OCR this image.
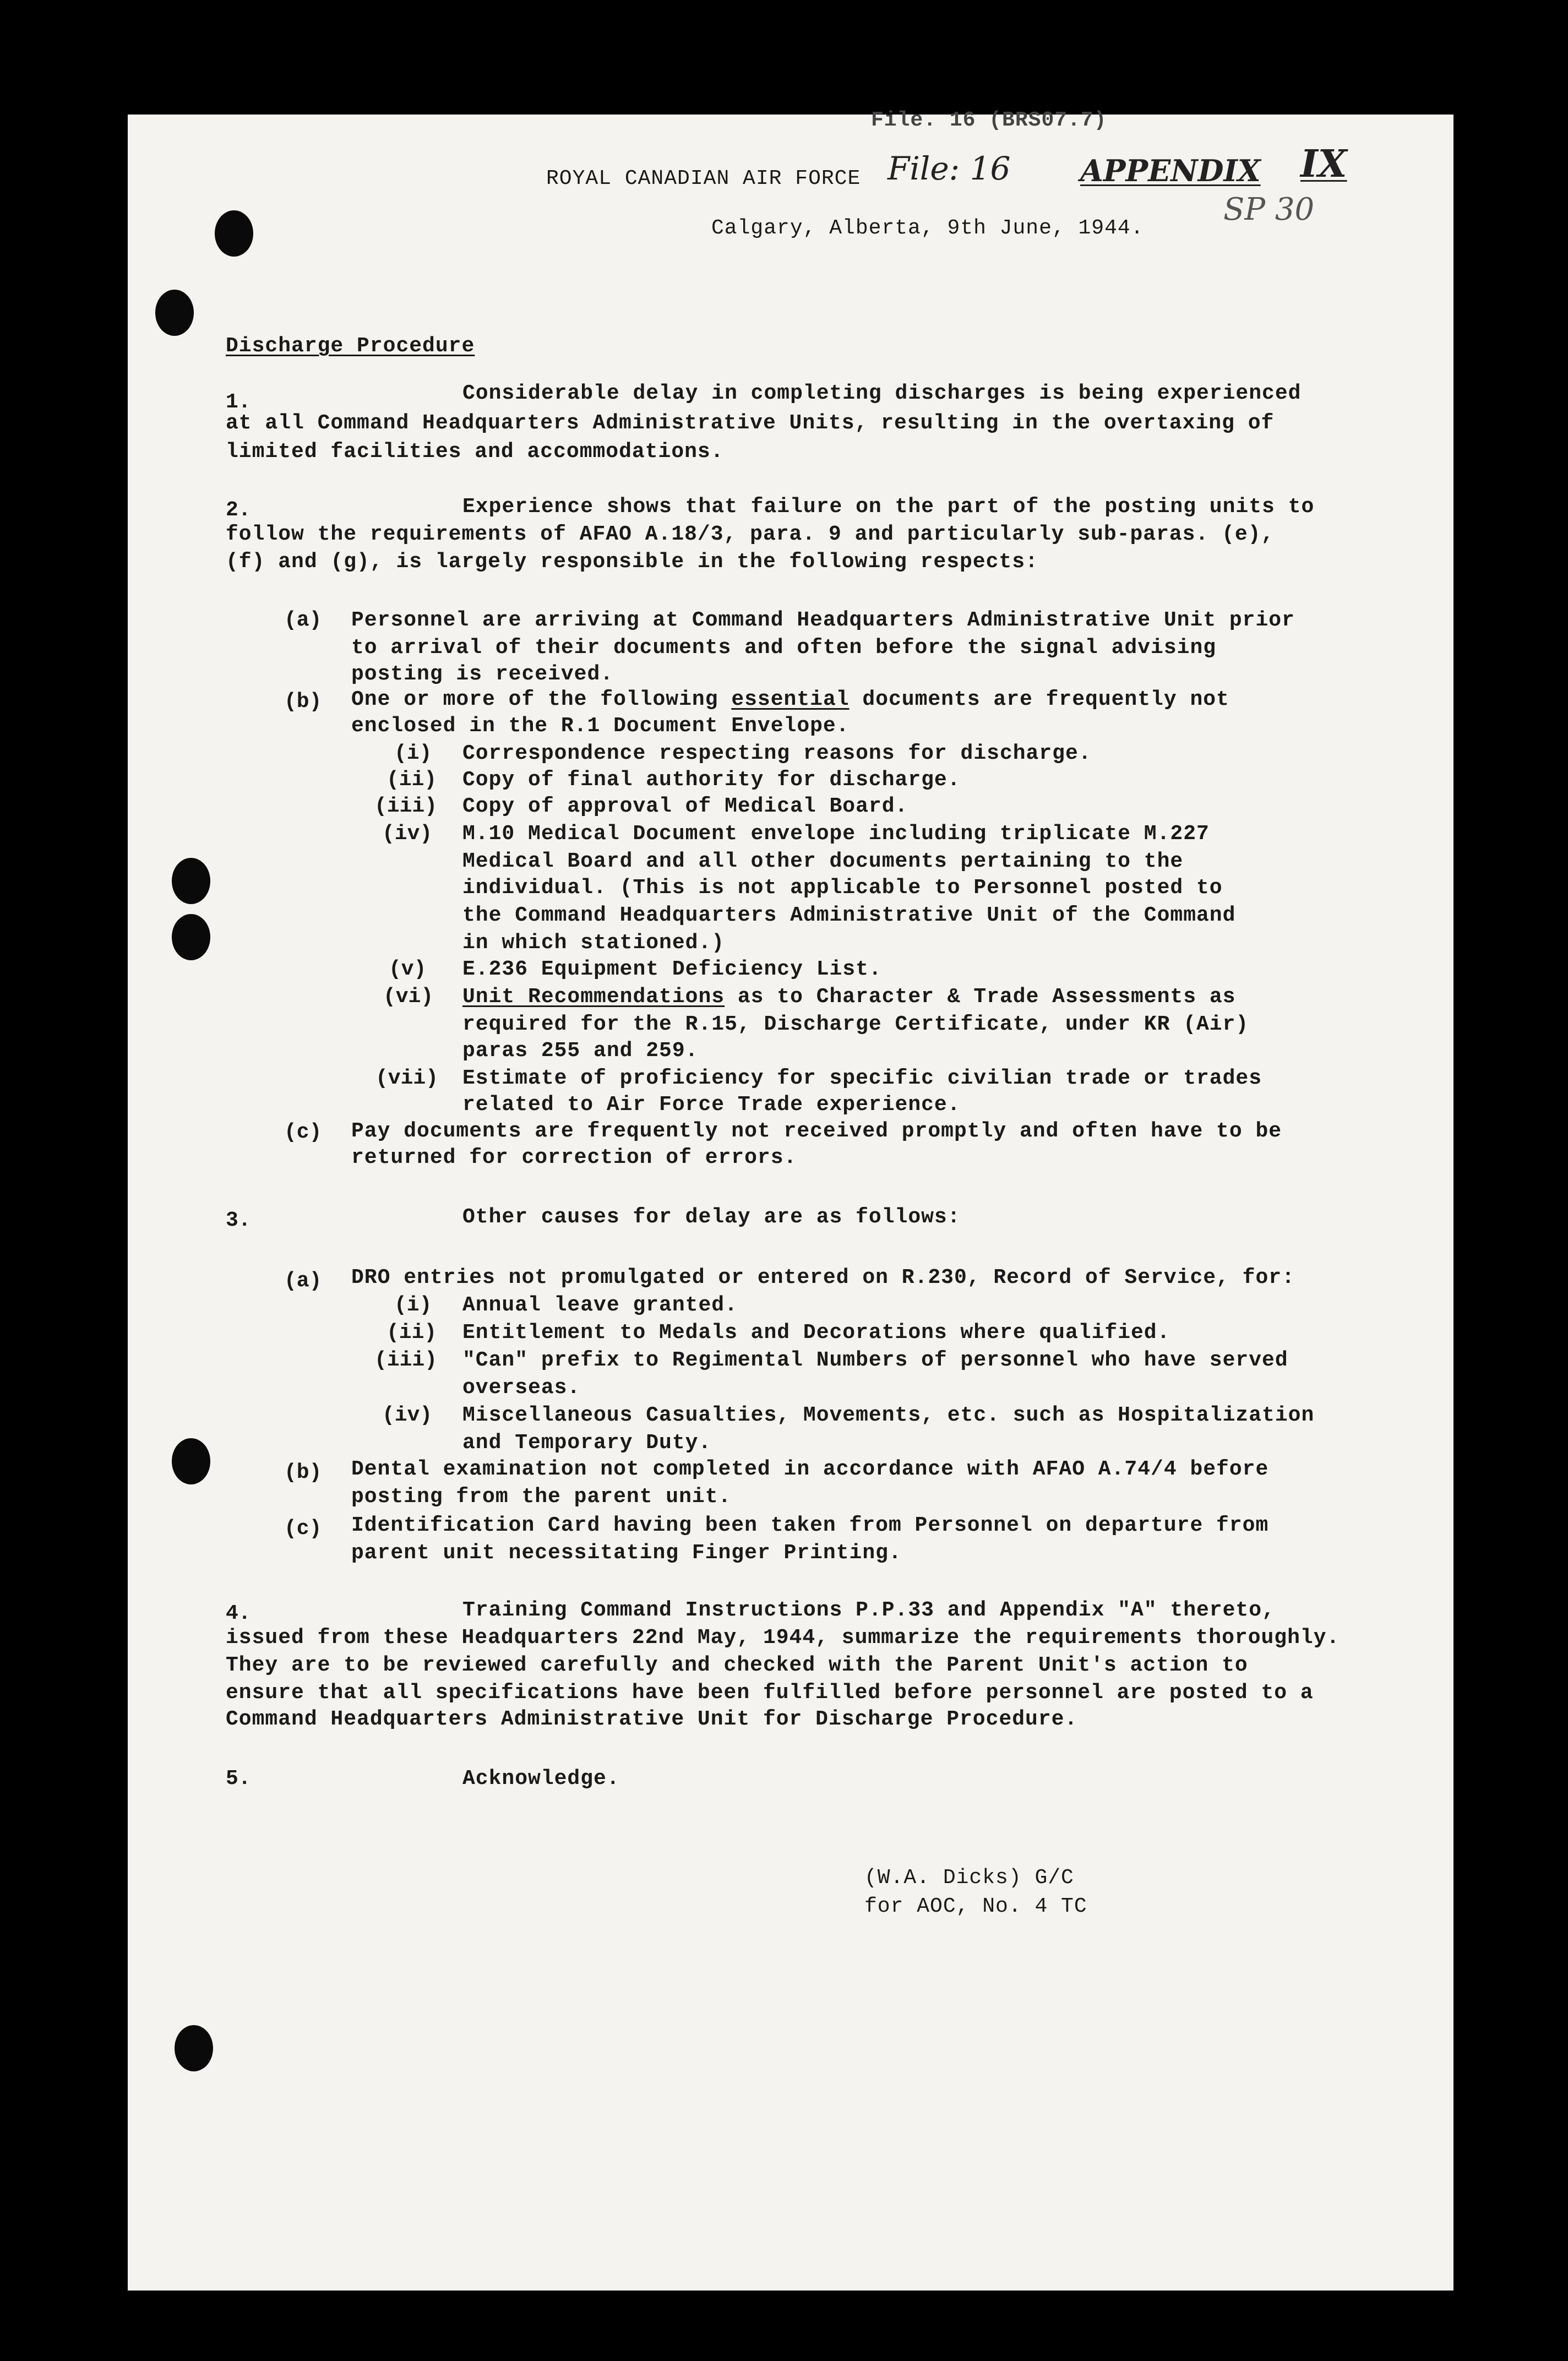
File. 16 (BRS07.7)
ROYAL CANADIAN AIR FORCE File: 16 APPENDIX IX
SP 30
Calgary, Alberta, 9th June, 1944.
Discharge Procedure
1.	Considerable delay in completing discharges is being experienced
at all Command Headquarters Administrative Units, resulting in the overtaxing of
limited facilities and accommodations.
2.	Experience shows that failure on the part of the posting units to
follow the requirements of AFAO A.18/3, para. 9 and particularly sub-paras. (e),
(f) and (g), is largely responsible in the following respects:
(a) Personnel are arriving at Command Headquarters Administrative Unit prior
to arrival of their documents and often before the signal advising
posting is received.
(b) One or more of the following essential documents are frequently not
enclosed in the R.1 Document Envelope.
(i) Correspondence respecting reasons for discharge.
(ii) Copy of final authority for discharge.
(iii) Copy of approval of Medical Board.
(iv) M.10 Medical Document envelope including triplicate M.227
Medical Board and all other documents pertaining to the
individual. (This is not applicable to Personnel posted to
the Command Headquarters Administrative Unit of the Command
in which stationed.)
(v) E.236 Equipment Deficiency List.
(vi) Unit Recommendations as to Character & Trade Assessments as
required for the R.15, Discharge Certificate, under KR (Air)
paras 255 and 259.
(vii) Estimate of proficiency for specific civilian trade or trades
related to Air Force Trade experience.
(c) Pay documents are frequently not received promptly and often have to be
returned for correction of errors.
3.	Other causes for delay are as follows:
(a) DRO entries not promulgated or entered on R.230, Record of Service, for:
(i) Annual leave granted.
(ii) Entitlement to Medals and Decorations where qualified.
(iii) "Can" prefix to Regimental Numbers of personnel who have served
overseas.
(iv) Miscellaneous Casualties, Movements, etc. such as Hospitalization
and Temporary Duty.
(b) Dental examination not completed in accordance with AFAO A.74/4 before
posting from the parent unit.
(c) Identification Card having been taken from Personnel on departure from
parent unit necessitating Finger Printing.
4.	Training Command Instructions P.P.33 and Appendix "A" thereto,
issued from these Headquarters 22nd May, 1944, summarize the requirements thoroughly.
They are to be reviewed carefully and checked with the Parent Unit's action to
ensure that all specifications have been fulfilled before personnel are posted to a
Command Headquarters Administrative Unit for Discharge Procedure.
5.	Acknowledge.
(W.A. Dicks) G/C
for AOC, No. 4 TC
